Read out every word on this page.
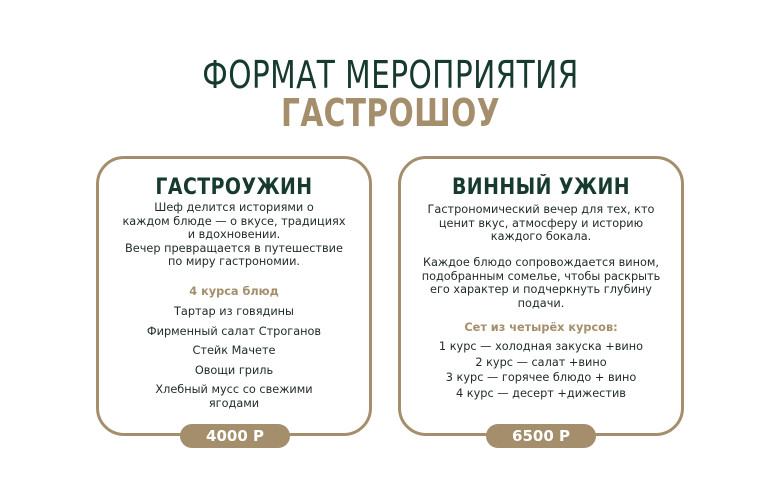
ФОРМАТ МЕРОПРИЯТИЯ
ГАСТРОШОУ
ГАСТРОУЖИН
Шеф делится историями о
каждом блюде — о вкусе, традициях
и вдохновении.
Вечер превращается в путешествие
по миру гастрономии.
4 курса блюд
Тартар из говядины
Фирменный салат Строганов
Стейк Мачете
Овощи гриль
Хлебный мусс со свежими ягодами
ВИННЫЙ УЖИН
Гастрономический вечер для тех, кто
ценит вкус, атмосферу и историю
каждого бокала.
Каждое блюдо сопровождается вином,
подобранным сомелье, чтобы раскрыть
его характер и подчеркнуть глубину
подачи.
Сет из четырёх курсов:
1 курс — холодная закуска +вино
2 курс — салат +вино
3 курс — горячее блюдо + вино
4 курс — десерт +дижестив
4000 Р	6500 Р
